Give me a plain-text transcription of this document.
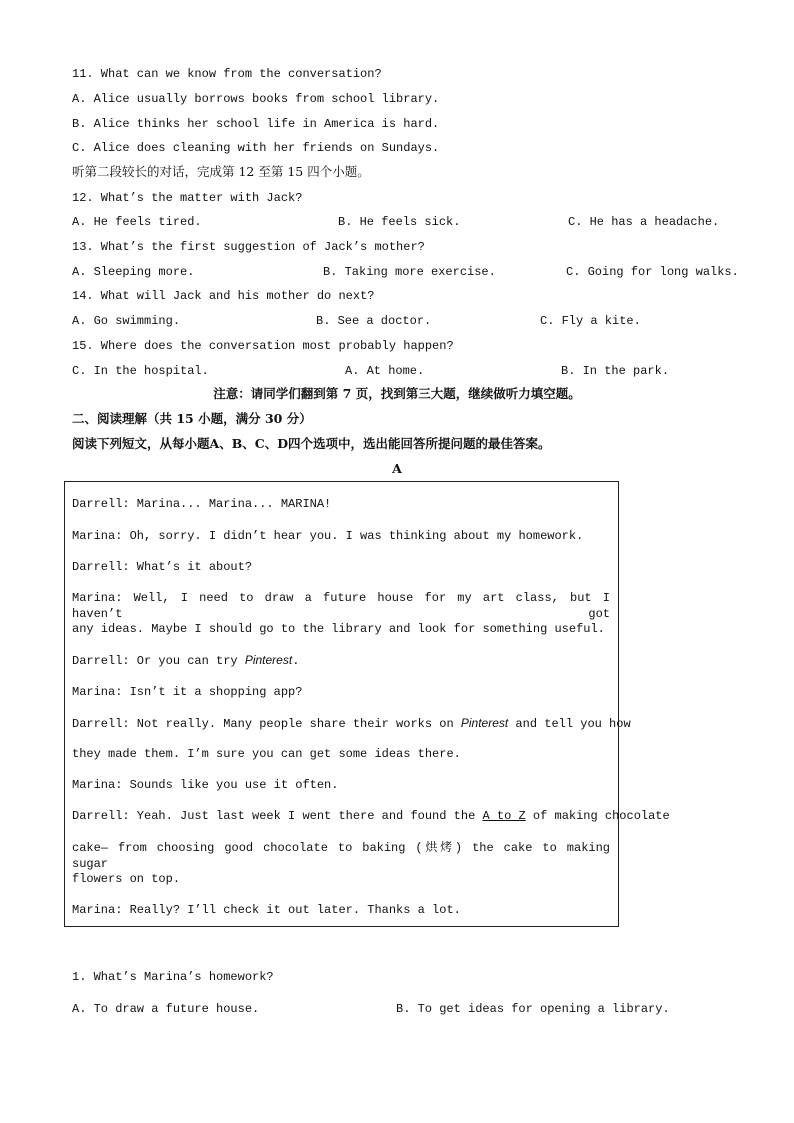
11. What can we know from the conversation?
A. Alice usually borrows books from school library.
B. Alice thinks her school life in America is hard.
C. Alice does cleaning with her friends on Sundays.
听第二段较长的对话，完成第 12 至第 15 四个小题。
12. What’s the matter with Jack?
A. He feels tired.	B. He feels sick.	C. He has a headache.
13. What’s the first suggestion of Jack’s mother?
A. Sleeping more.	B. Taking more exercise.	C. Going for long walks.
14. What will Jack and his mother do next?
A. Go swimming.	B. See a doctor.	C. Fly a kite.
15. Where does the conversation most probably happen?
C. In the hospital.	A. At home.	B. In the park.
注意：请同学们翻到第 7 页，找到第三大题，继续做听力填空题。
二、阅读理解（共 15 小题，满分 30 分）
阅读下列短文，从每小题A、B、C、D四个选项中，选出能回答所提问题的最佳答案。
A
Darrell: Marina... Marina... MARINA!
Marina: Oh, sorry. I didn’t hear you. I was thinking about my homework.
Darrell: What’s it about?
Marina: Well, I need to draw a future house for my art class, but I haven’t got
any ideas. Maybe I should go to the library and look for something useful.
Darrell: Or you can try Pinterest.
Marina: Isn’t it a shopping app?
Darrell: Not really. Many people share their works on Pinterest and tell you how
they made them. I’m sure you can get some ideas there.
Marina: Sounds like you use it often.
Darrell: Yeah. Just last week I went there and found the A to Z of making chocolate
cake— from choosing good chocolate to baking (烘烤) the cake to making sugar
flowers on top.
Marina: Really? I’ll check it out later. Thanks a lot.
1. What’s Marina’s homework?
A. To draw a future house.	B. To get ideas for opening a library.
